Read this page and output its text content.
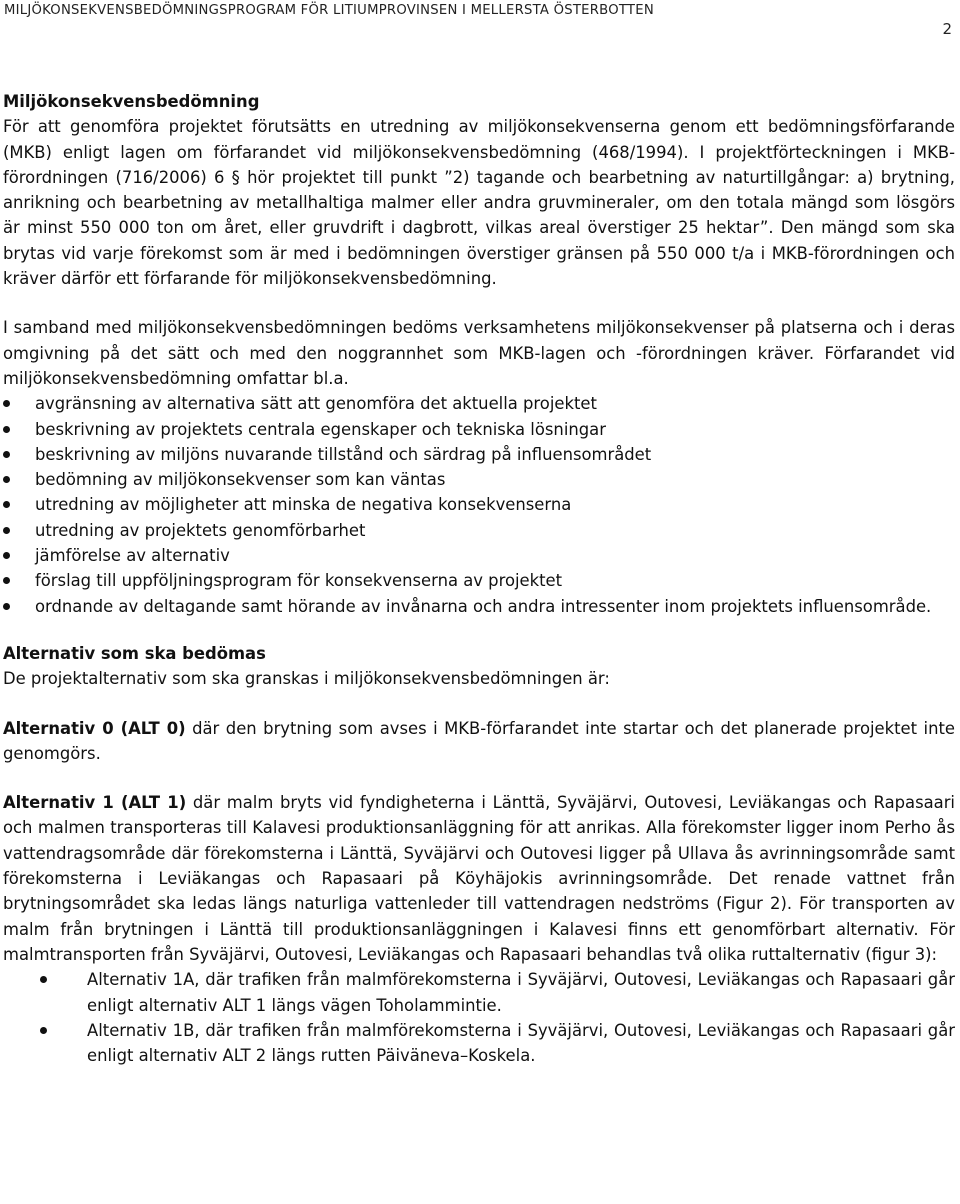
MILJÖKONSEKVENSBEDÖMNINGSPROGRAM FÖR LITIUMPROVINSEN I MELLERSTA ÖSTERBOTTEN
2
Miljökonsekvensbedömning

För att genomföra projektet förutsätts en utredning av miljökonsekvenserna genom ett bedömningsförfarande (MKB) enligt lagen om förfarandet vid miljökonsekvensbedömning (468/1994). I projektförteckningen i MKB-förordningen (716/2006) 6 § hör projektet till punkt ”2) tagande och bearbetning av naturtillgångar: a) brytning, anrikning och bearbetning av metallhaltiga malmer eller andra gruvmineraler, om den totala mängd som lösgörs är minst 550 000 ton om året, eller gruvdrift i dagbrott, vilkas areal överstiger 25 hektar”. Den mängd som ska brytas vid varje förekomst som är med i bedömningen överstiger gränsen på 550 000 t/a i MKB-förordningen och kräver därför ett förfarande för miljökonsekvensbedömning.

I samband med miljökonsekvensbedömningen bedöms verksamhetens miljökonsekvenser på platserna och i deras omgivning på det sätt och med den noggrannhet som MKB-lagen och -förordningen kräver. Förfarandet vid miljökonsekvensbedömning omfattar bl.a.

avgränsning av alternativa sätt att genomföra det aktuella projektet
beskrivning av projektets centrala egenskaper och tekniska lösningar
beskrivning av miljöns nuvarande tillstånd och särdrag på influensområdet
bedömning av miljökonsekvenser som kan väntas
utredning av möjligheter att minska de negativa konsekvenserna
utredning av projektets genomförbarhet
jämförelse av alternativ
förslag till uppföljningsprogram för konsekvenserna av projektet
ordnande av deltagande samt hörande av invånarna och andra intressenter inom projektets influensområde.
Alternativ som ska bedömas

De projektalternativ som ska granskas i miljökonsekvensbedömningen är:

Alternativ 0 (ALT 0) där den brytning som avses i MKB-förfarandet inte startar och det planerade projektet inte genomgörs.

Alternativ 1 (ALT 1) där malm bryts vid fyndigheterna i Länttä, Syväjärvi, Outovesi, Leviäkangas och Rapasaari och malmen transporteras till Kalavesi produktionsanläggning för att anrikas. Alla förekomster ligger inom Perho ås vattendragsområde där förekomsterna i Länttä, Syväjärvi och Outovesi ligger på Ullava ås avrinningsområde samt förekomsterna i Leviäkangas och Rapasaari på Köyhäjokis avrinningsområde. Det renade vattnet från brytningsområdet ska ledas längs naturliga vattenleder till vattendragen nedströms (Figur 2). För transporten av malm från brytningen i Länttä till produktionsanläggningen i Kalavesi finns ett genomförbart alternativ. För malmtransporten från Syväjärvi, Outovesi, Leviäkangas och Rapasaari behandlas två olika ruttalternativ (figur 3):

Alternativ 1A, där trafiken från malmförekomsterna i Syväjärvi, Outovesi, Leviäkangas och Rapasaari går enligt alternativ ALT 1 längs vägen Toholammintie.
Alternativ 1B, där trafiken från malmförekomsterna i Syväjärvi, Outovesi, Leviäkangas och Rapasaari går enligt alternativ ALT 2 längs rutten Päiväneva–Koskela.
